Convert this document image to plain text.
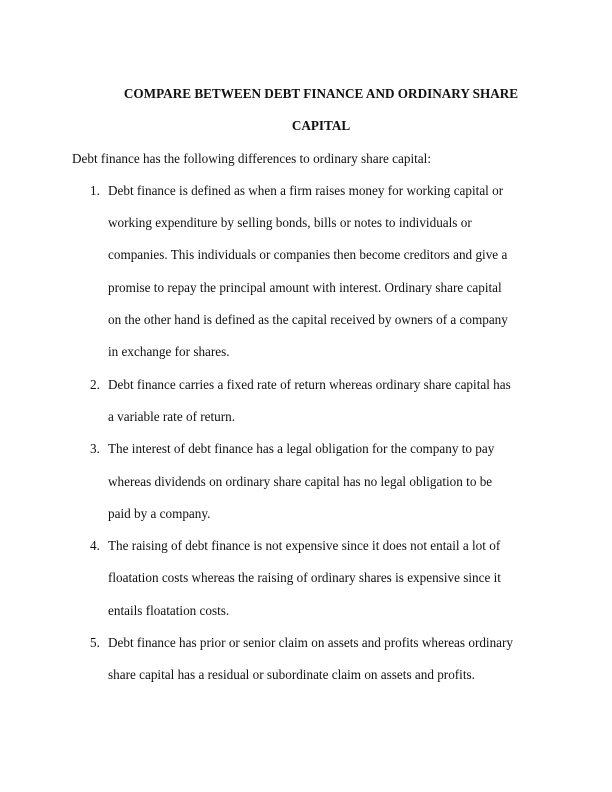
COMPARE BETWEEN DEBT FINANCE AND ORDINARY SHARE
CAPITAL
Debt finance has the following differences to ordinary share capital:
1. Debt finance is defined as when a firm raises money for working capital or
working expenditure by selling bonds, bills or notes to individuals or
companies. This individuals or companies then become creditors and give a
promise to repay the principal amount with interest. Ordinary share capital
on the other hand is defined as the capital received by owners of a company
in exchange for shares.
2. Debt finance carries a fixed rate of return whereas ordinary share capital has
a variable rate of return.
3. The interest of debt finance has a legal obligation for the company to pay
whereas dividends on ordinary share capital has no legal obligation to be
paid by a company.
4. The raising of debt finance is not expensive since it does not entail a lot of
floatation costs whereas the raising of ordinary shares is expensive since it
entails floatation costs.
5. Debt finance has prior or senior claim on assets and profits whereas ordinary
share capital has a residual or subordinate claim on assets and profits.
